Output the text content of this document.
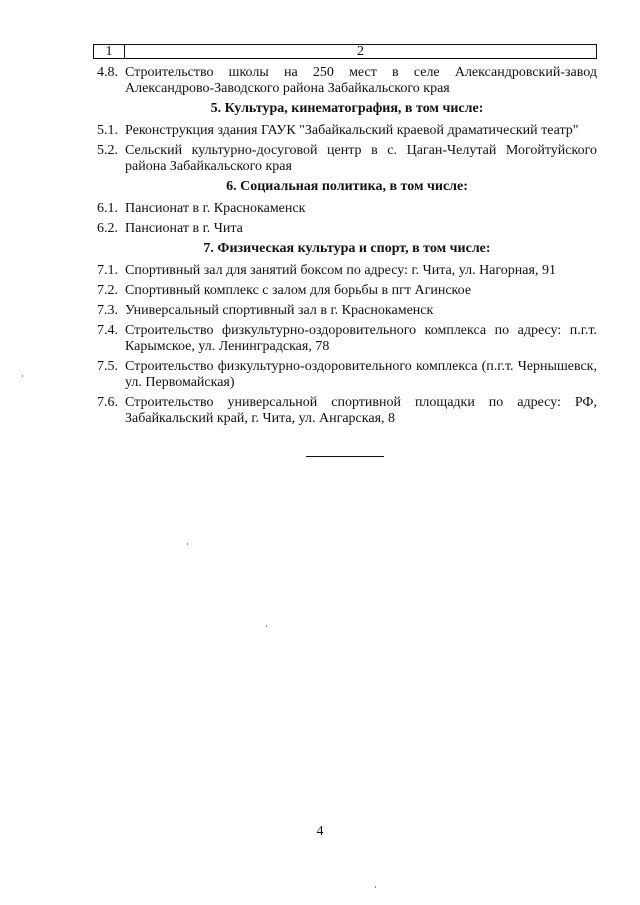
1	2
4.8. Строительство школы на 250 мест в селе Александровский-завод Александрово-Заводского района Забайкальского края
5. Культура, кинематография, в том числе:
5.1. Реконструкция здания ГАУК "Забайкальский краевой драматический театр"
5.2. Сельский культурно-досуговой центр в с. Цаган-Челутай Могойтуйского района Забайкальского края
6. Социальная политика, в том числе:
6.1. Пансионат в г. Краснокаменск
6.2. Пансионат в г. Чита
7. Физическая культура и спорт, в том числе:
7.1. Спортивный зал для занятий боксом по адресу: г. Чита, ул. Нагорная, 91
7.2. Спортивный комплекс с залом для борьбы в пгт Агинское
7.3. Универсальный спортивный зал в г. Краснокаменск
7.4. Строительство физкультурно-оздоровительного комплекса по адресу: п.г.т. Карымское, ул. Ленинградская, 78
7.5. Строительство физкультурно-оздоровительного комплекса (п.г.т. Чернышевск, ул. Первомайская)
7.6. Строительство универсальной спортивной площадки по адресу: РФ, Забайкальский край, г. Чита, ул. Ангарская, 8
4
